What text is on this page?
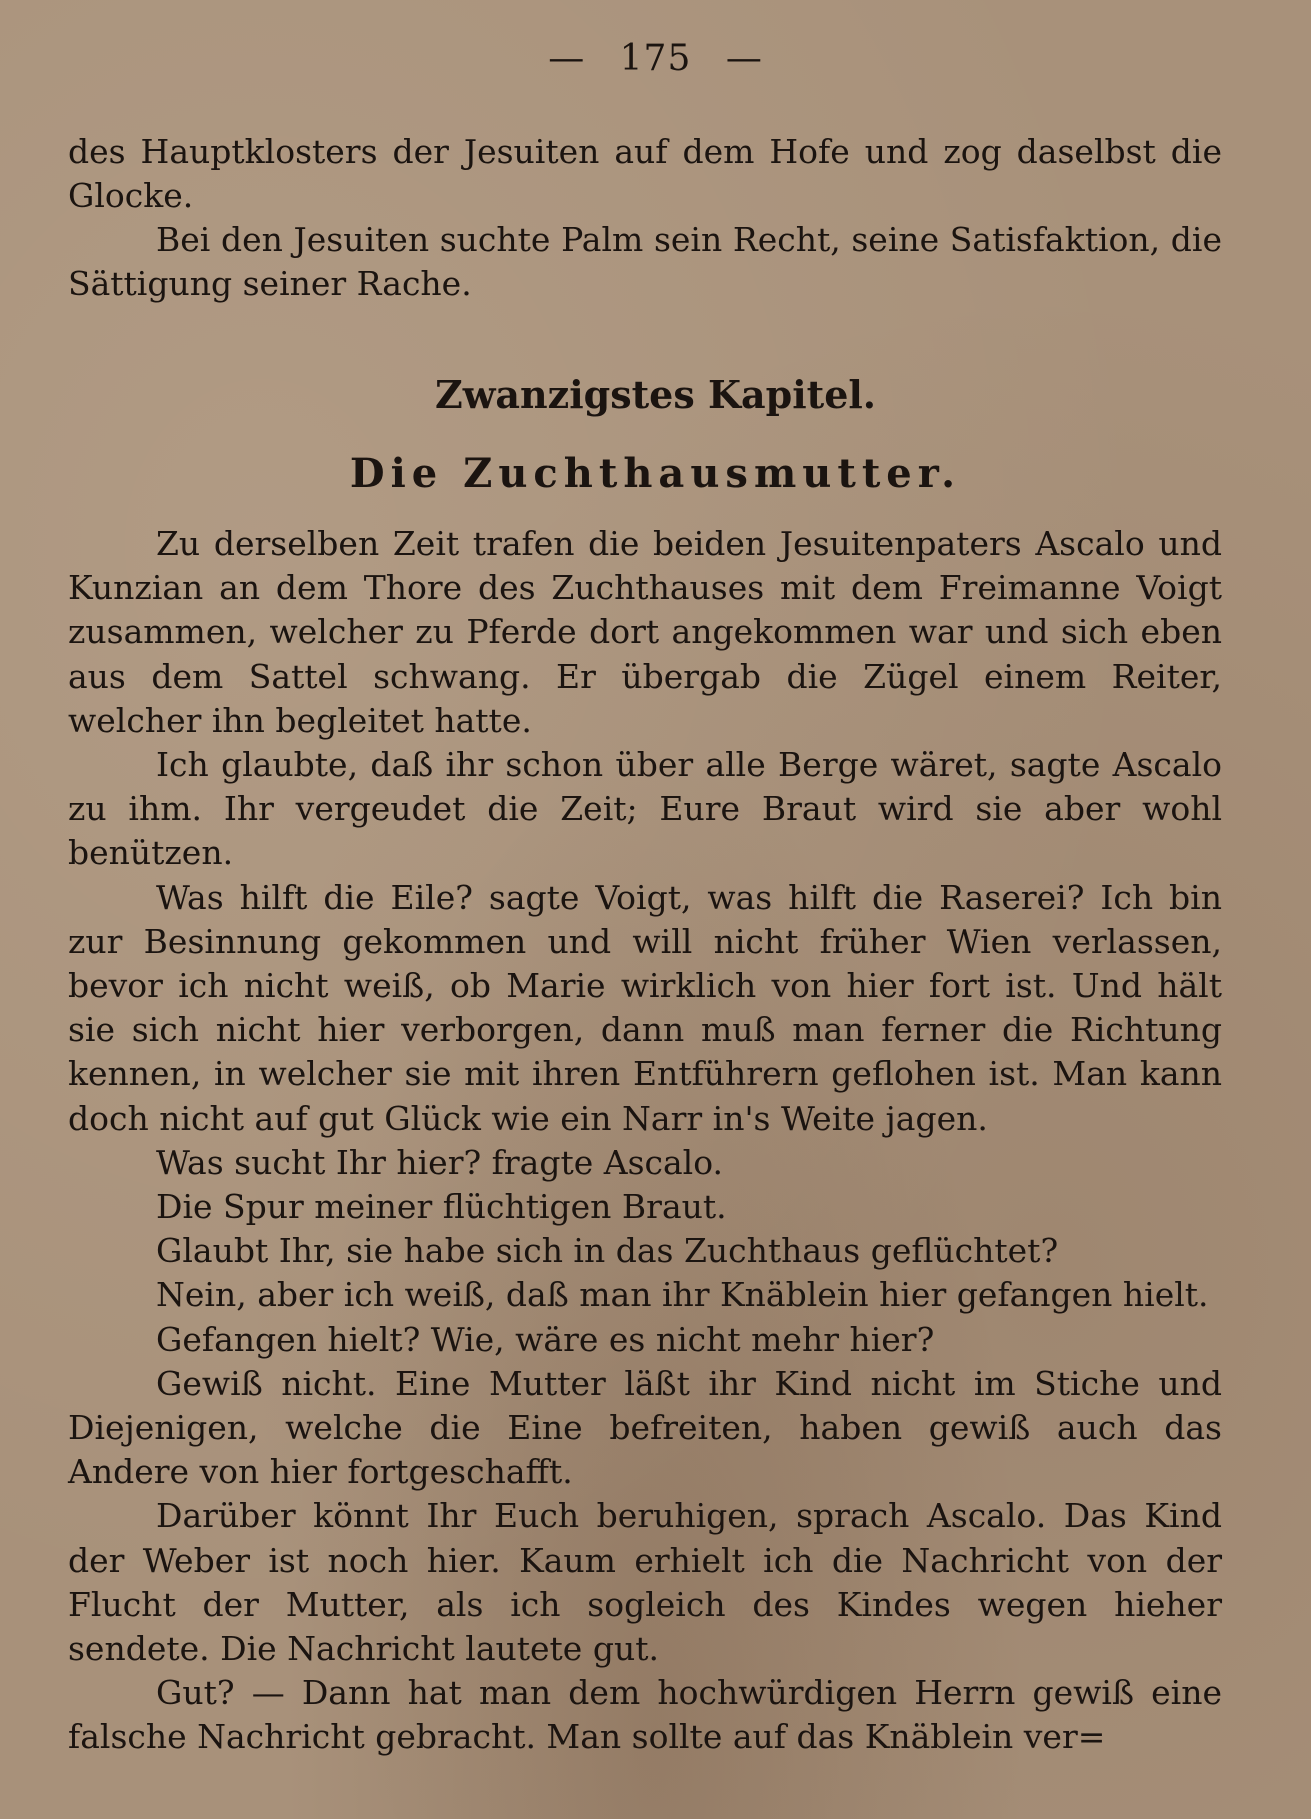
— 175 —

des Hauptklosters der Jesuiten auf dem Hofe und zog daselbst die Glocke.

Bei den Jesuiten suchte Palm sein Recht, seine Satisfaktion, die Sättigung seiner Rache.

Zwanzigstes Kapitel.
Die Zuchthausmutter.

Zu derselben Zeit trafen die beiden Jesuitenpaters Ascalo und Kunzian an dem Thore des Zuchthauses mit dem Freimanne Voigt zusammen, welcher zu Pferde dort angekommen war und sich eben aus dem Sattel schwang. Er übergab die Zügel einem Reiter, welcher ihn begleitet hatte.

Ich glaubte, daß ihr schon über alle Berge wäret, sagte Ascalo zu ihm. Ihr vergeudet die Zeit; Eure Braut wird sie aber wohl benützen.

Was hilft die Eile? sagte Voigt, was hilft die Raserei? Ich bin zur Besinnung gekommen und will nicht früher Wien verlassen, bevor ich nicht weiß, ob Marie wirklich von hier fort ist. Und hält sie sich nicht hier verborgen, dann muß man ferner die Richtung kennen, in welcher sie mit ihren Entführern geflohen ist. Man kann doch nicht auf gut Glück wie ein Narr in's Weite jagen.

Was sucht Ihr hier? fragte Ascalo.

Die Spur meiner flüchtigen Braut.

Glaubt Ihr, sie habe sich in das Zuchthaus geflüchtet?

Nein, aber ich weiß, daß man ihr Knäblein hier gefangen hielt.

Gefangen hielt? Wie, wäre es nicht mehr hier?

Gewiß nicht. Eine Mutter läßt ihr Kind nicht im Stiche und Diejenigen, welche die Eine befreiten, haben gewiß auch das Andere von hier fortgeschafft.

Darüber könnt Ihr Euch beruhigen, sprach Ascalo. Das Kind der Weber ist noch hier. Kaum erhielt ich die Nachricht von der Flucht der Mutter, als ich sogleich des Kindes wegen hieher sendete. Die Nachricht lautete gut.

Gut? — Dann hat man dem hochwürdigen Herrn gewiß eine falsche Nachricht gebracht. Man sollte auf das Knäblein ver=
